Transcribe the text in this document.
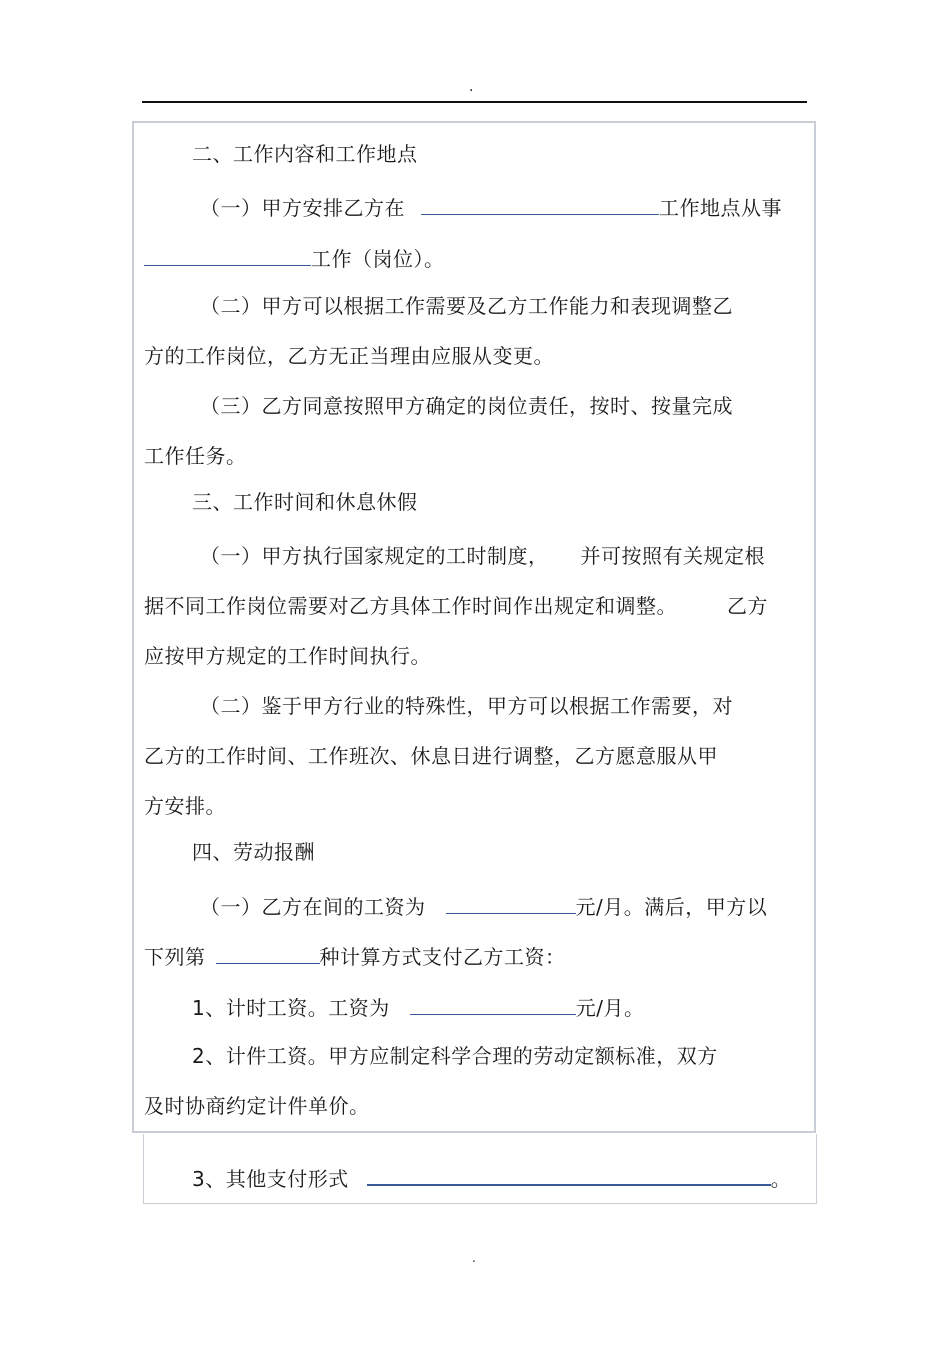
.
二、工作内容和工作地点
（一）甲方安排乙方在	工作地点从事
工作（岗位）。
（二）甲方可以根据工作需要及乙方工作能力和表现调整乙
方的工作岗位，乙方无正当理由应服从变更。
（三）乙方同意按照甲方确定的岗位责任，按时、按量完成
工作任务。
三、工作时间和休息休假
（一）甲方执行国家规定的工时制度， 并可按照有关规定根
据不同工作岗位需要对乙方具体工作时间作出规定和调整。	乙方
应按甲方规定的工作时间执行。
（二）鉴于甲方行业的特殊性，甲方可以根据工作需要，对
乙方的工作时间、工作班次、休息日进行调整，乙方愿意服从甲
方安排。
四、劳动报酬
（一）乙方在间的工资为	元/月。满后，甲方以
下列第	种计算方式支付乙方工资：
1、计时工资。工资为	元/月。
2、计件工资。甲方应制定科学合理的劳动定额标准，双方
及时协商约定计件单价。
3、其他支付形式	。
.
